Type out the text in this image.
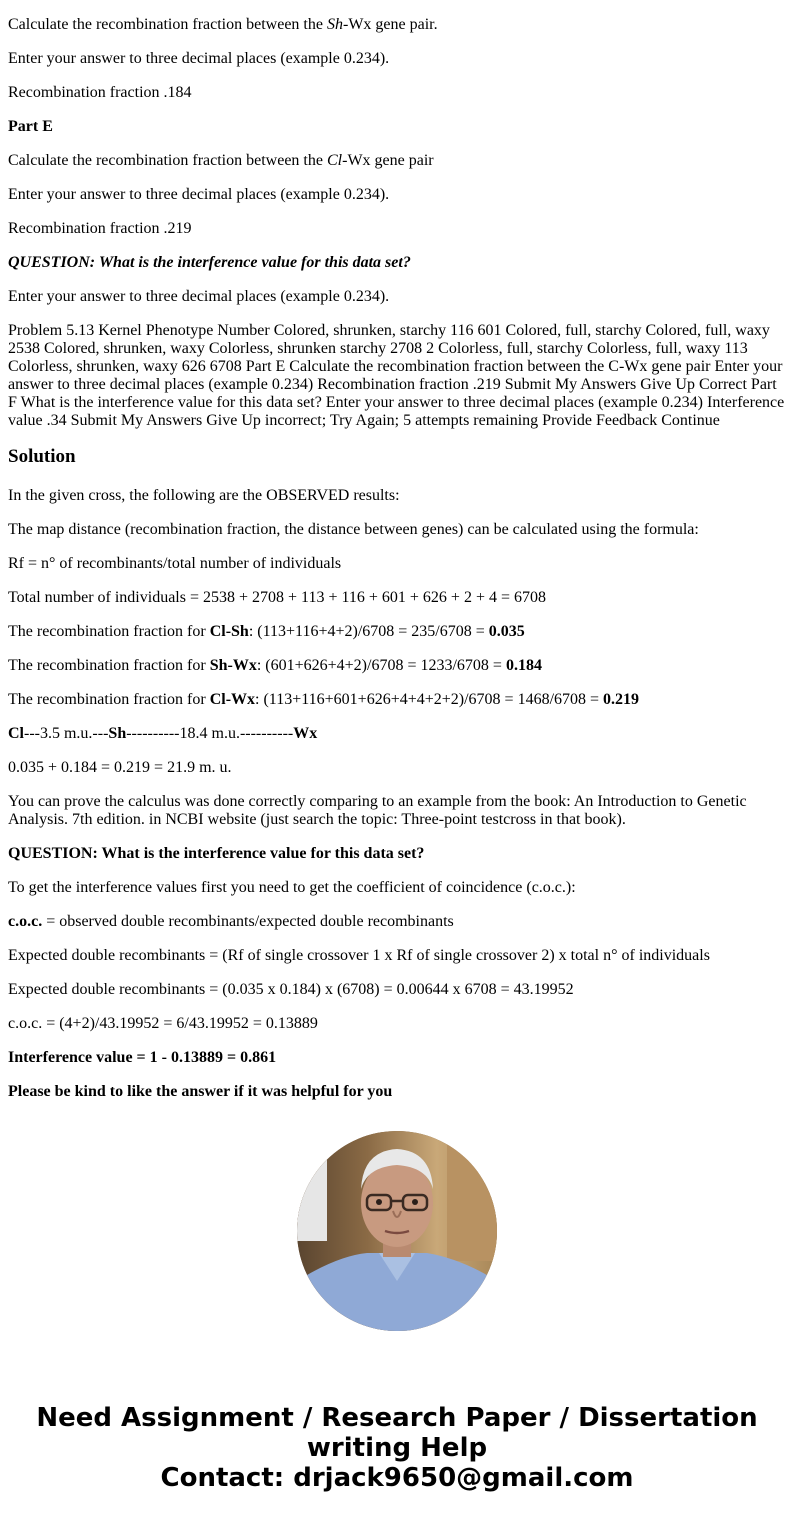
Calculate the recombination fraction between the Sh-Wx gene pair.

Enter your answer to three decimal places (example 0.234).

Recombination fraction .184

Part E

Calculate the recombination fraction between the Cl-Wx gene pair

Enter your answer to three decimal places (example 0.234).

Recombination fraction .219

QUESTION: What is the interference value for this data set?

Enter your answer to three decimal places (example 0.234).

Problem 5.13 Kernel Phenotype Number Colored, shrunken, starchy 116 601 Colored, full, starchy Colored, full, waxy 2538 Colored, shrunken, waxy Colorless, shrunken starchy 2708 2 Colorless, full, starchy Colorless, full, waxy 113 Colorless, shrunken, waxy 626 6708 Part E Calculate the recombination fraction between the C-Wx gene pair Enter your answer to three decimal places (example 0.234) Recombination fraction .219 Submit My Answers Give Up Correct Part F What is the interference value for this data set? Enter your answer to three decimal places (example 0.234) Interference value .34 Submit My Answers Give Up incorrect; Try Again; 5 attempts remaining Provide Feedback Continue

Solution

In the given cross, the following are the OBSERVED results:

The map distance (recombination fraction, the distance between genes) can be calculated using the formula:

Rf = n° of recombinants/total number of individuals

Total number of individuals = 2538 + 2708 + 113 + 116 + 601 + 626 + 2 + 4 = 6708

The recombination fraction for Cl-Sh: (113+116+4+2)/6708 = 235/6708 = 0.035

The recombination fraction for Sh-Wx: (601+626+4+2)/6708 = 1233/6708 = 0.184

The recombination fraction for Cl-Wx: (113+116+601+626+4+4+2+2)/6708 = 1468/6708 = 0.219

Cl---3.5 m.u.---Sh----------18.4 m.u.----------Wx

0.035 + 0.184 = 0.219 = 21.9 m. u.

You can prove the calculus was done correctly comparing to an example from the book: An Introduction to Genetic Analysis. 7th edition. in NCBI website (just search the topic: Three-point testcross in that book).

QUESTION: What is the interference value for this data set?

To get the interference values first you need to get the coefficient of coincidence (c.o.c.):

c.o.c. = observed double recombinants/expected double recombinants

Expected double recombinants = (Rf of single crossover 1 x Rf of single crossover 2) x total n° of individuals

Expected double recombinants = (0.035 x 0.184) x (6708) = 0.00644 x 6708 = 43.19952

c.o.c. = (4+2)/43.19952 = 6/43.19952 = 0.13889

Interference value = 1 - 0.13889 = 0.861

Please be kind to like the answer if it was helpful for you

Need Assignment / Research Paper / Dissertation
writing Help
Contact: drjack9650@gmail.com
